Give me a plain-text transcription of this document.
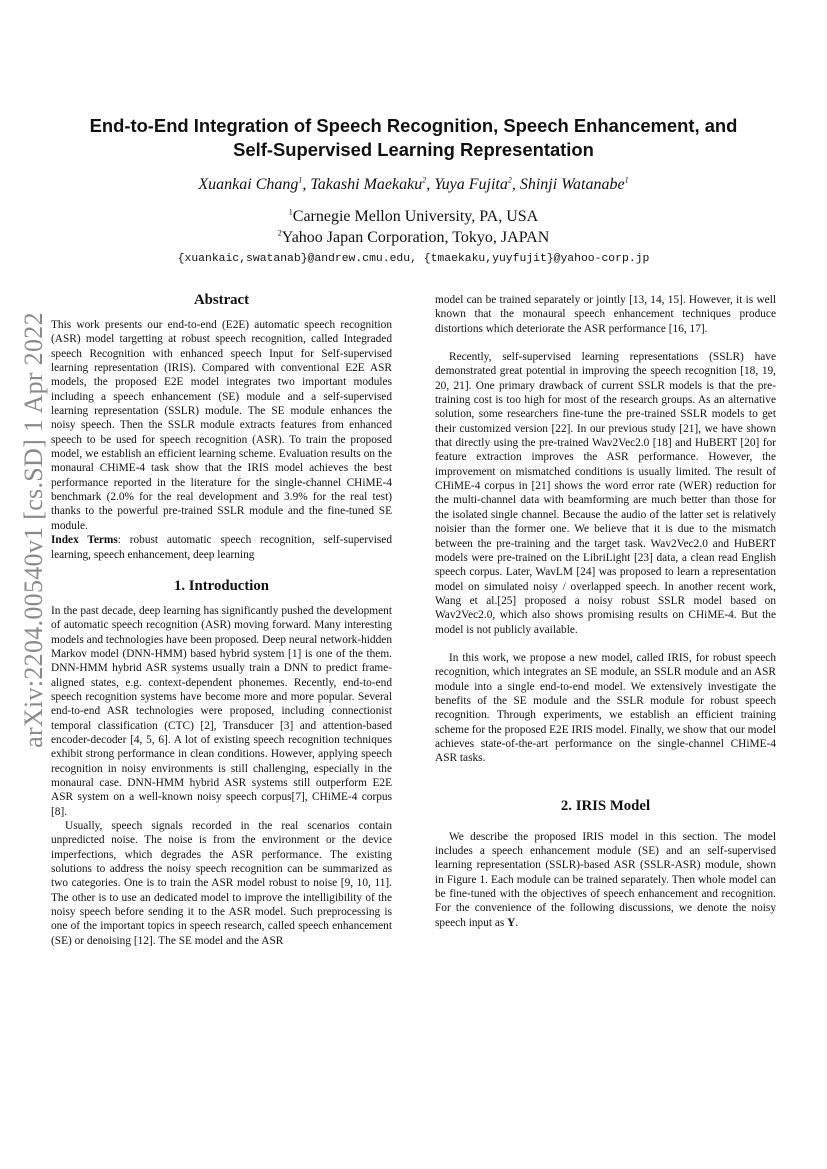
arXiv:2204.00540v1 [cs.SD] 1 Apr 2022
End-to-End Integration of Speech Recognition, Speech Enhancement, and
Self-Supervised Learning Representation
Xuankai Chang$^1$, Takashi Maekaku$^2$, Yuya Fujita$^2$, Shinji Watanabe$^1$
$^1$Carnegie Mellon University, PA, USA
$^2$Yahoo Japan Corporation, Tokyo, JAPAN
{xuankaic,swatanab}@andrew.cmu.edu, {tmaekaku,yuyfujit}@yahoo-corp.jp
Abstract

This work presents our end-to-end (E2E) automatic speech recognition (ASR) model targetting at robust speech recognition, called Integraded speech Recognition with enhanced speech Input for Self-supervised learning representation (IRIS). Compared with conventional E2E ASR models, the proposed E2E model integrates two important modules including a speech enhancement (SE) module and a self-supervised learning representation (SSLR) module. The SE module enhances the noisy speech. Then the SSLR module extracts features from enhanced speech to be used for speech recognition (ASR). To train the proposed model, we establish an efficient learning scheme. Evaluation results on the monaural CHiME-4 task show that the IRIS model achieves the best performance reported in the literature for the single-channel CHiME-4 benchmark (2.0% for the real development and 3.9% for the real test) thanks to the powerful pre-trained SSLR module and the fine-tuned SE module.

Index Terms: robust automatic speech recognition, self-supervised learning, speech enhancement, deep learning

1. Introduction

In the past decade, deep learning has significantly pushed the development of automatic speech recognition (ASR) moving forward. Many interesting models and technologies have been proposed. Deep neural network-hidden Markov model (DNN-HMM) based hybrid system [1] is one of the them. DNN-HMM hybrid ASR systems usually train a DNN to predict frame-aligned states, e.g. context-dependent phonemes. Recently, end-to-end speech recognition systems have become more and more popular. Several end-to-end ASR technologies were proposed, including connectionist temporal classification (CTC) [2], Transducer [3] and attention-based encoder-decoder [4, 5, 6]. A lot of existing speech recognition techniques exhibit strong performance in clean conditions. However, applying speech recognition in noisy environments is still challenging, especially in the monaural case. DNN-HMM hybrid ASR systems still outperform E2E ASR system on a well-known noisy speech corpus[7], CHiME-4 corpus [8].

Usually, speech signals recorded in the real scenarios contain unpredicted noise. The noise is from the environment or the device imperfections, which degrades the ASR performance. The existing solutions to address the noisy speech recognition can be summarized as two categories. One is to train the ASR model robust to noise [9, 10, 11]. The other is to use an dedicated model to improve the intelligibility of the noisy speech before sending it to the ASR model. Such preprocessing is one of the important topics in speech research, called speech enhancement (SE) or denoising [12]. The SE model and the ASR

model can be trained separately or jointly [13, 14, 15]. However, it is well known that the monaural speech enhancement techniques produce distortions which deteriorate the ASR performance [16, 17].

Recently, self-supervised learning representations (SSLR) have demonstrated great potential in improving the speech recognition [18, 19, 20, 21]. One primary drawback of current SSLR models is that the pre-training cost is too high for most of the research groups. As an alternative solution, some researchers fine-tune the pre-trained SSLR models to get their customized version [22]. In our previous study [21], we have shown that directly using the pre-trained Wav2Vec2.0 [18] and HuBERT [20] for feature extraction improves the ASR performance. However, the improvement on mismatched conditions is usually limited. The result of CHiME-4 corpus in [21] shows the word error rate (WER) reduction for the multi-channel data with beamforming are much better than those for the isolated single channel. Because the audio of the latter set is relatively noisier than the former one. We believe that it is due to the mismatch between the pre-training and the target task. Wav2Vec2.0 and HuBERT models were pre-trained on the LibriLight [23] data, a clean read English speech corpus. Later, WavLM [24] was proposed to learn a representation model on simulated noisy / overlapped speech. In another recent work, Wang et al.[25] proposed a noisy robust SSLR model based on Wav2Vec2.0, which also shows promising results on CHiME-4. But the model is not publicly available.

In this work, we propose a new model, called IRIS, for robust speech recognition, which integrates an SE module, an SSLR module and an ASR module into a single end-to-end model. We extensively investigate the benefits of the SE module and the SSLR module for robust speech recognition. Through experiments, we establish an efficient training scheme for the proposed E2E IRIS model. Finally, we show that our model achieves state-of-the-art performance on the single-channel CHiME-4 ASR tasks.

2. IRIS Model

We describe the proposed IRIS model in this section. The model includes a speech enhancement module (SE) and an self-supervised learning representation (SSLR)-based ASR (SSLR-ASR) module, shown in Figure 1. Each module can be trained separately. Then whole model can be fine-tuned with the objectives of speech enhancement and recognition. For the convenience of the following discussions, we denote the noisy speech input as Y.
